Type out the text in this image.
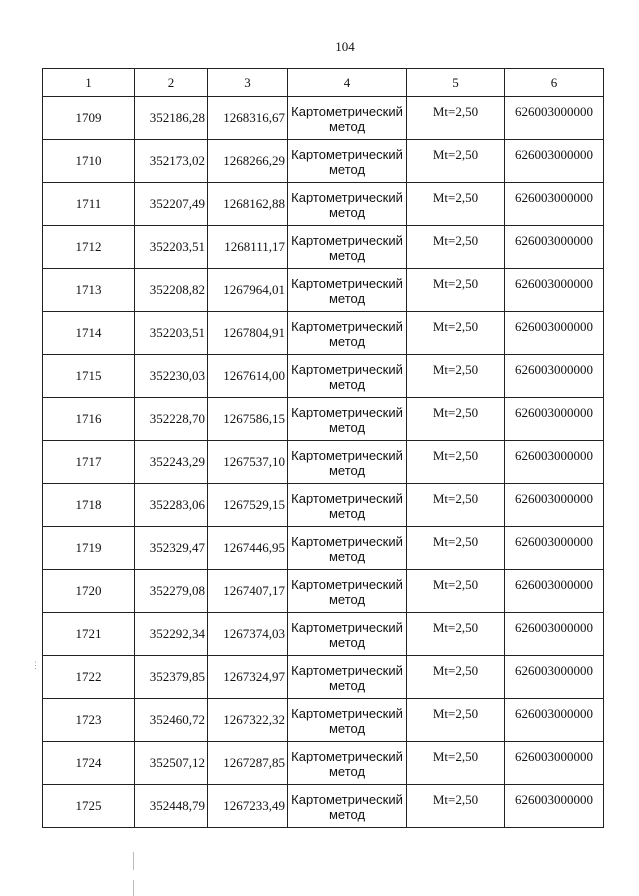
104
1	2	3	4	5	6
1709	352186,28	1268316,67	Картометрический метод	Mt=2,50	626003000000
1710	352173,02	1268266,29	Картометрический метод	Mt=2,50	626003000000
1711	352207,49	1268162,88	Картометрический метод	Mt=2,50	626003000000
1712	352203,51	1268111,17	Картометрический метод	Mt=2,50	626003000000
1713	352208,82	1267964,01	Картометрический метод	Mt=2,50	626003000000
1714	352203,51	1267804,91	Картометрический метод	Mt=2,50	626003000000
1715	352230,03	1267614,00	Картометрический метод	Mt=2,50	626003000000
1716	352228,70	1267586,15	Картометрический метод	Mt=2,50	626003000000
1717	352243,29	1267537,10	Картометрический метод	Mt=2,50	626003000000
1718	352283,06	1267529,15	Картометрический метод	Mt=2,50	626003000000
1719	352329,47	1267446,95	Картометрический метод	Mt=2,50	626003000000
1720	352279,08	1267407,17	Картометрический метод	Mt=2,50	626003000000
1721	352292,34	1267374,03	Картометрический метод	Mt=2,50	626003000000
1722	352379,85	1267324,97	Картометрический метод	Mt=2,50	626003000000
1723	352460,72	1267322,32	Картометрический метод	Mt=2,50	626003000000
1724	352507,12	1267287,85	Картометрический метод	Mt=2,50	626003000000
1725	352448,79	1267233,49	Картометрический метод	Mt=2,50	626003000000
⋮
